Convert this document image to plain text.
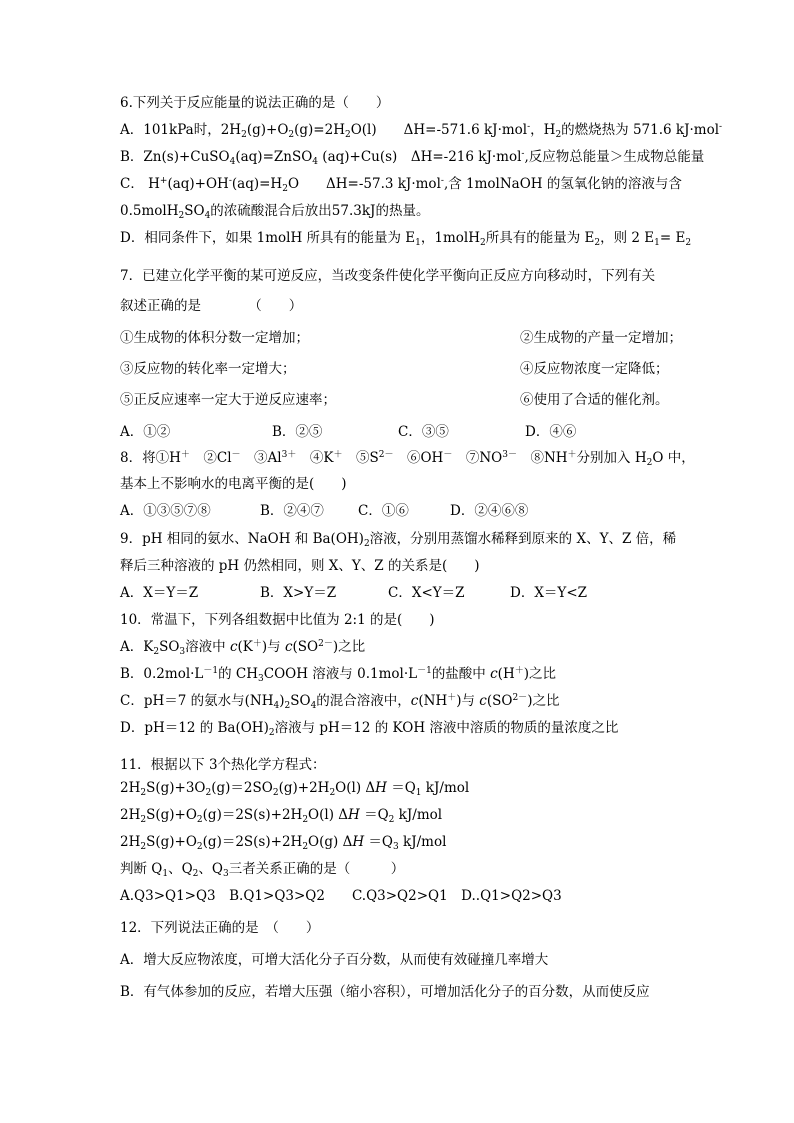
6.下列关于反应能量的说法正确的是（　　）
A．101kPa时，$2H_2(g)+O_2(g)=2H_2O(l)$　　ΔH=-571.6 kJ·mol-，$H_2$的燃烧热为 571.6 kJ·mol-
B．Zn(s)+CuSO$_4$(aq)=ZnSO$_4$ (aq)+Cu(s)　ΔH=-216 kJ·mol-,反应物总能量＞生成物总能量
C． $H^+(aq)+OH^-(aq)=H_2O$　　ΔH=-57.3 kJ·mol-,含 1molNaOH 的氢氧化钠的溶液与含
$0.5molH_2SO_4$的浓硫酸混合后放出57.3kJ的热量。
D．相同条件下，如果 1molH 所具有的能量为 $E_1$，1molH$_2$所具有的能量为 $E_2$，则 2 $E_1= E_2$
7．已建立化学平衡的某可逆反应，当改变条件使化学平衡向正反应方向移动时，下列有关
叙述正确的是　　　　（　　）
①生成物的体积分数一定增加；	②生成物的产量一定增加；
③反应物的转化率一定增大；	④反应物浓度一定降低；
⑤正反应速率一定大于逆反应速率；	⑥使用了合适的催化剂。
A．①②	B．②⑤	C．③⑤	D．④⑥
8．将①H＋　②Cl－　$③Al^{3+}$　④K＋　$⑤S^{2-}$　⑥OH－　$⑦NO^{3-}$　⑧NH＋分别加入 $H_2O$ 中，
基本上不影响水的电离平衡的是(　　)
A．①③⑤⑦⑧	B．②④⑦	C．①⑥	D．②④⑥⑧
9．pH 相同的氨水、NaOH 和 $Ba(OH)_2$溶液，分别用蒸馏水稀释到原来的 X、Y、Z 倍，稀
释后三种溶液的 pH 仍然相同，则 X、Y、Z 的关系是(　　)
A．X＝Y＝Z	B．X>Y＝Z	C．X<Y＝Z	D．X＝Y<Z
10．常温下，下列各组数据中比值为 2:1 的是(　　)
A．$K_2SO_3$溶液中 c(K＋)与 $c(SO^{2-})$之比
B．$0.2mol\cdot L^{-1}$的 $CH_3COOH$ 溶液与 $0.1mol\cdot L^{-1}$的盐酸中 c(H＋)之比
C．pH＝7 的氨水与$(NH_4)_2SO_4$的混合溶液中，c(NH＋)与 $c(SO^{2-})$之比
D．pH＝12 的 $Ba(OH)_2$溶液与 pH＝12 的 KOH 溶液中溶质的物质的量浓度之比
11．根据以下 3个热化学方程式：
$2H_2S(g)+3O_2(g)=2SO_2(g)+2H_2O(l)$ $\Delta H =Q_1$ kJ/mol
$2H_2S(g)+O_2(g)=2S(s)+2H_2O(l)$ $\Delta H =Q_2$ kJ/mol
$2H_2S(g)+O_2(g)=2S(s)+2H_2O(g)$ $\Delta H =Q_3$ kJ/mol
判断 $Q_1$、$Q_2$、$Q_3$三者关系正确的是（　　　）
A.Q3>Q1>Q3　B.Q1>Q3>Q2　　C.Q3>Q2>Q1　D..Q1>Q2>Q3
12．下列说法正确的是　（　　）
A．增大反应物浓度，可增大活化分子百分数，从而使有效碰撞几率增大
B．有气体参加的反应，若增大压强（缩小容积），可增加活化分子的百分数，从而使反应
